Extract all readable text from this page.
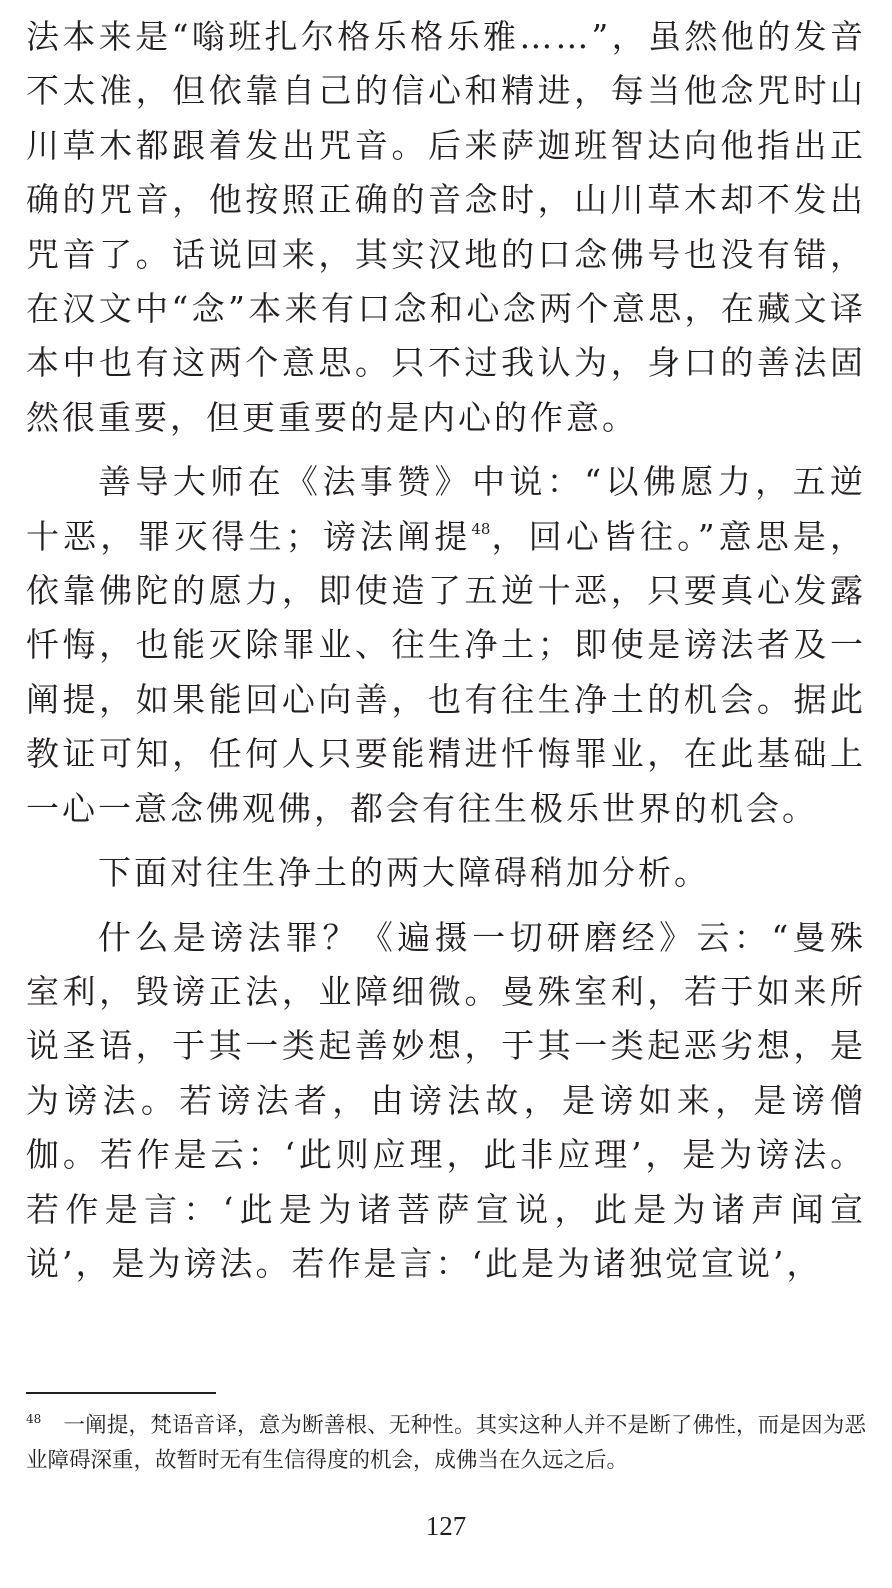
法本来是“嗡班扎尔格乐格乐雅……”，虽然他的发音不太准，但依靠自己的信心和精进，每当他念咒时山川草木都跟着发出咒音。后来萨迦班智达向他指出正确的咒音，他按照正确的音念时，山川草木却不发出咒音了。话说回来，其实汉地的口念佛号也没有错，在汉文中“念”本来有口念和心念两个意思，在藏文译本中也有这两个意思。只不过我认为，身口的善法固然很重要，但更重要的是内心的作意。

善导大师在《法事赞》中说：“以佛愿力，五逆十恶，罪灭得生；谤法阐提$^{48}$，回心皆往。”意思是，依靠佛陀的愿力，即使造了五逆十恶，只要真心发露忏悔，也能灭除罪业、往生净土；即使是谤法者及一阐提，如果能回心向善，也有往生净土的机会。据此教证可知，任何人只要能精进忏悔罪业，在此基础上一心一意念佛观佛，都会有往生极乐世界的机会。

下面对往生净土的两大障碍稍加分析。

什么是谤法罪？《遍摄一切研磨经》云：“曼殊室利，毁谤正法，业障细微。曼殊室利，若于如来所说圣语，于其一类起善妙想，于其一类起恶劣想，是为谤法。若谤法者，由谤法故，是谤如来，是谤僧伽。若作是云：‘此则应理，此非应理’，是为谤法。若作是言：‘此是为诸菩萨宣说，此是为诸声闻宣说’，是为谤法。若作是言：‘此是为诸独觉宣说’，

$^{48}$ 一阐提，梵语音译，意为断善根、无种性。其实这种人并不是断了佛性，而是因为恶业障碍深重，故暂时无有生信得度的机会，成佛当在久远之后。
127
